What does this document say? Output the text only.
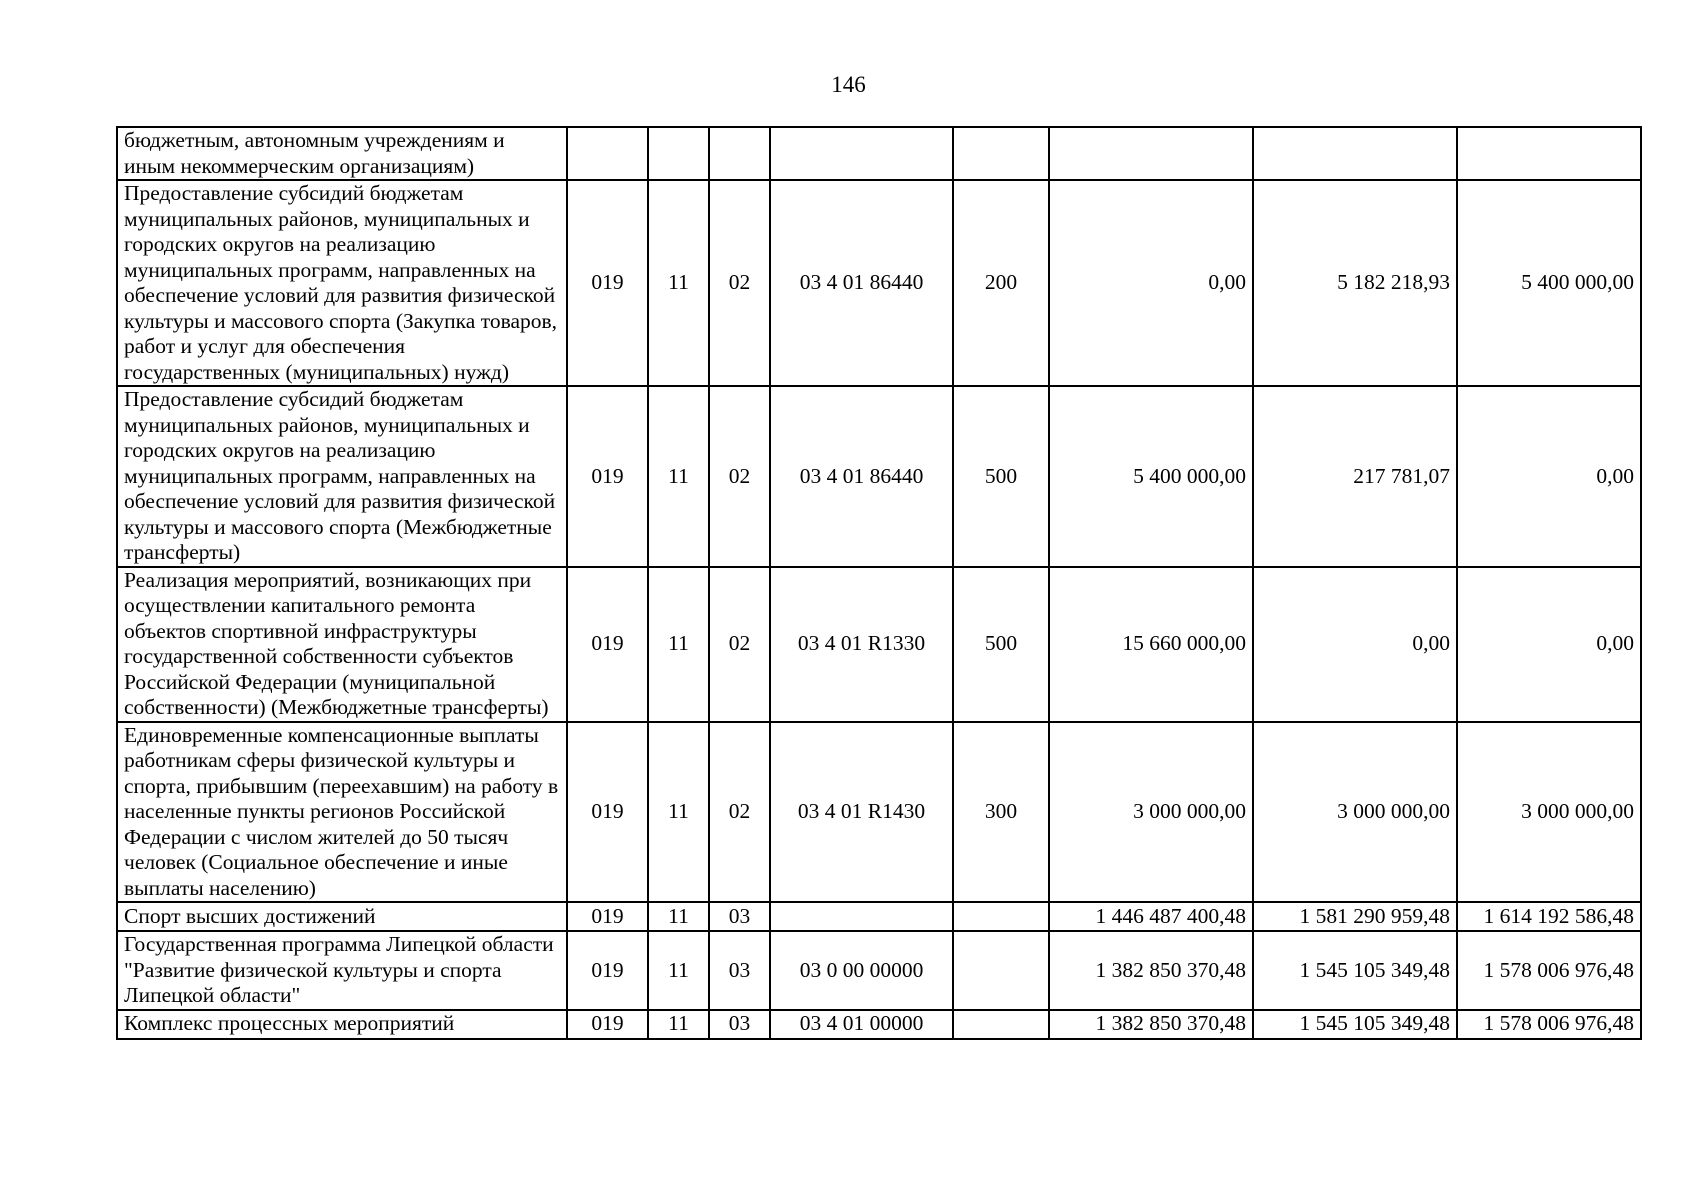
146
бюджетным, автономным учреждениям и иным некоммерческим организациям)								
Предоставление субсидий бюджетам муниципальных районов, муниципальных и городских округов на реализацию муниципальных программ, направленных на обеспечение условий для развития физической культуры и массового спорта (Закупка товаров, работ и услуг для обеспечения государственных (муниципальных) нужд)	019	11	02	03 4 01 86440	200	0,00	5 182 218,93	5 400 000,00
Предоставление субсидий бюджетам муниципальных районов, муниципальных и городских округов на реализацию муниципальных программ, направленных на обеспечение условий для развития физической культуры и массового спорта (Межбюджетные трансферты)	019	11	02	03 4 01 86440	500	5 400 000,00	217 781,07	0,00
Реализация мероприятий, возникающих при осуществлении капитального ремонта объектов спортивной инфраструктуры государственной собственности субъектов Российской Федерации (муниципальной собственности) (Межбюджетные трансферты)	019	11	02	03 4 01 R1330	500	15 660 000,00	0,00	0,00
Единовременные компенсационные выплаты работникам сферы физической культуры и спорта, прибывшим (переехавшим) на работу в населенные пункты регионов Российской Федерации с числом жителей до 50 тысяч человек (Социальное обеспечение и иные выплаты населению)	019	11	02	03 4 01 R1430	300	3 000 000,00	3 000 000,00	3 000 000,00
Спорт высших достижений	019	11	03			1 446 487 400,48	1 581 290 959,48	1 614 192 586,48
Государственная программа Липецкой области "Развитие физической культуры и спорта Липецкой области"	019	11	03	03 0 00 00000		1 382 850 370,48	1 545 105 349,48	1 578 006 976,48
Комплекс процессных мероприятий	019	11	03	03 4 01 00000		1 382 850 370,48	1 545 105 349,48	1 578 006 976,48
